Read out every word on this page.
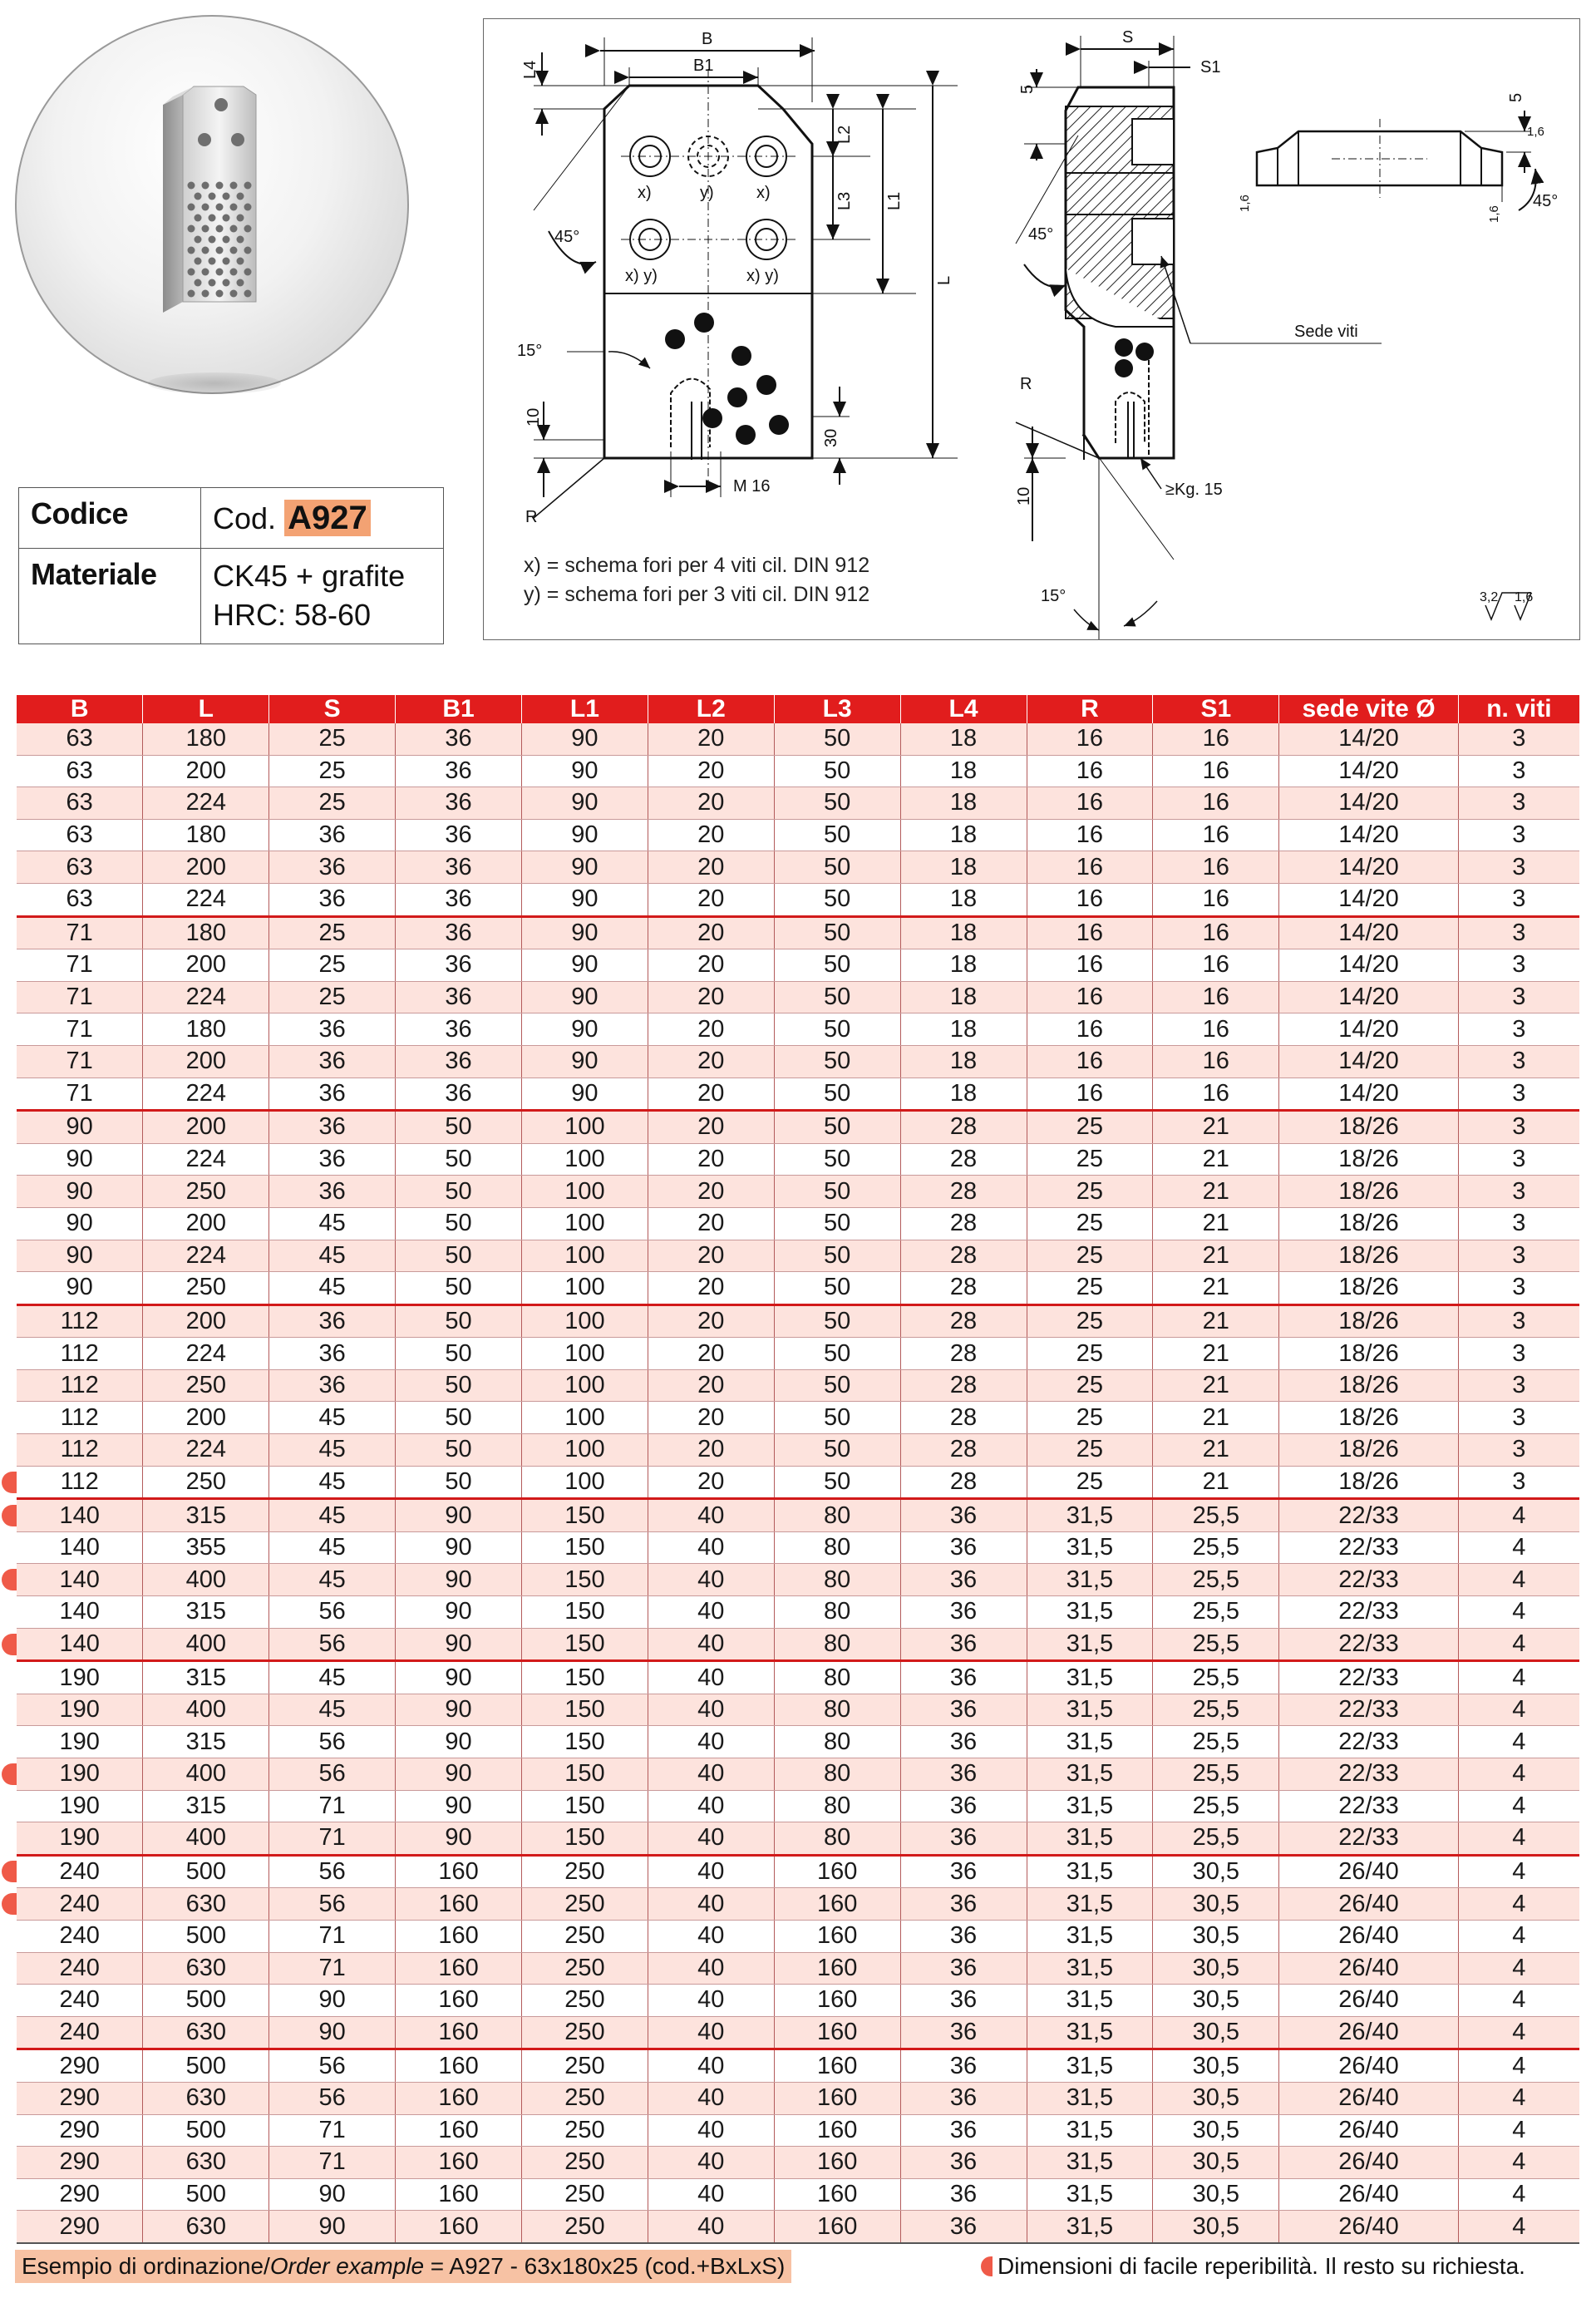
Codice	Cod. A927
Materiale	CK45 + grafite
HRC: 58-60
B
B1
L4
L2
L3 L1
L
45°
15°
x)	y)	x)
x) y)	x) y)
10
30
R
M 16
S
S1
5
45°
R
10	≥Kg. 15
Sede viti
15°
5
1,6
1,6
1,6
45°
3,2 1,6
x) = schema fori per 4 viti cil. DIN 912
y) = schema fori per 3 viti cil. DIN 912
B	L	S	B1	L1	L2	L3	L4	R	S1	sede vite Ø	n. viti
63	180	25	36	90	20	50	18	16	16	14/20	3
63	200	25	36	90	20	50	18	16	16	14/20	3
63	224	25	36	90	20	50	18	16	16	14/20	3
63	180	36	36	90	20	50	18	16	16	14/20	3
63	200	36	36	90	20	50	18	16	16	14/20	3
63	224	36	36	90	20	50	18	16	16	14/20	3
71	180	25	36	90	20	50	18	16	16	14/20	3
71	200	25	36	90	20	50	18	16	16	14/20	3
71	224	25	36	90	20	50	18	16	16	14/20	3
71	180	36	36	90	20	50	18	16	16	14/20	3
71	200	36	36	90	20	50	18	16	16	14/20	3
71	224	36	36	90	20	50	18	16	16	14/20	3
90	200	36	50	100	20	50	28	25	21	18/26	3
90	224	36	50	100	20	50	28	25	21	18/26	3
90	250	36	50	100	20	50	28	25	21	18/26	3
90	200	45	50	100	20	50	28	25	21	18/26	3
90	224	45	50	100	20	50	28	25	21	18/26	3
90	250	45	50	100	20	50	28	25	21	18/26	3
112	200	36	50	100	20	50	28	25	21	18/26	3
112	224	36	50	100	20	50	28	25	21	18/26	3
112	250	36	50	100	20	50	28	25	21	18/26	3
112	200	45	50	100	20	50	28	25	21	18/26	3
112	224	45	50	100	20	50	28	25	21	18/26	3
112	250	45	50	100	20	50	28	25	21	18/26	3
140	315	45	90	150	40	80	36	31,5	25,5	22/33	4
140	355	45	90	150	40	80	36	31,5	25,5	22/33	4
140	400	45	90	150	40	80	36	31,5	25,5	22/33	4
140	315	56	90	150	40	80	36	31,5	25,5	22/33	4
140	400	56	90	150	40	80	36	31,5	25,5	22/33	4
190	315	45	90	150	40	80	36	31,5	25,5	22/33	4
190	400	45	90	150	40	80	36	31,5	25,5	22/33	4
190	315	56	90	150	40	80	36	31,5	25,5	22/33	4
190	400	56	90	150	40	80	36	31,5	25,5	22/33	4
190	315	71	90	150	40	80	36	31,5	25,5	22/33	4
190	400	71	90	150	40	80	36	31,5	25,5	22/33	4
240	500	56	160	250	40	160	36	31,5	30,5	26/40	4
240	630	56	160	250	40	160	36	31,5	30,5	26/40	4
240	500	71	160	250	40	160	36	31,5	30,5	26/40	4
240	630	71	160	250	40	160	36	31,5	30,5	26/40	4
240	500	90	160	250	40	160	36	31,5	30,5	26/40	4
240	630	90	160	250	40	160	36	31,5	30,5	26/40	4
290	500	56	160	250	40	160	36	31,5	30,5	26/40	4
290	630	56	160	250	40	160	36	31,5	30,5	26/40	4
290	500	71	160	250	40	160	36	31,5	30,5	26/40	4
290	630	71	160	250	40	160	36	31,5	30,5	26/40	4
290	500	90	160	250	40	160	36	31,5	30,5	26/40	4
290	630	90	160	250	40	160	36	31,5	30,5	26/40	4
Esempio di ordinazione/Order example = A927 - 63x180x25 (cod.+BxLxS)	Dimensioni di facile reperibilità. Il resto su richiesta.
